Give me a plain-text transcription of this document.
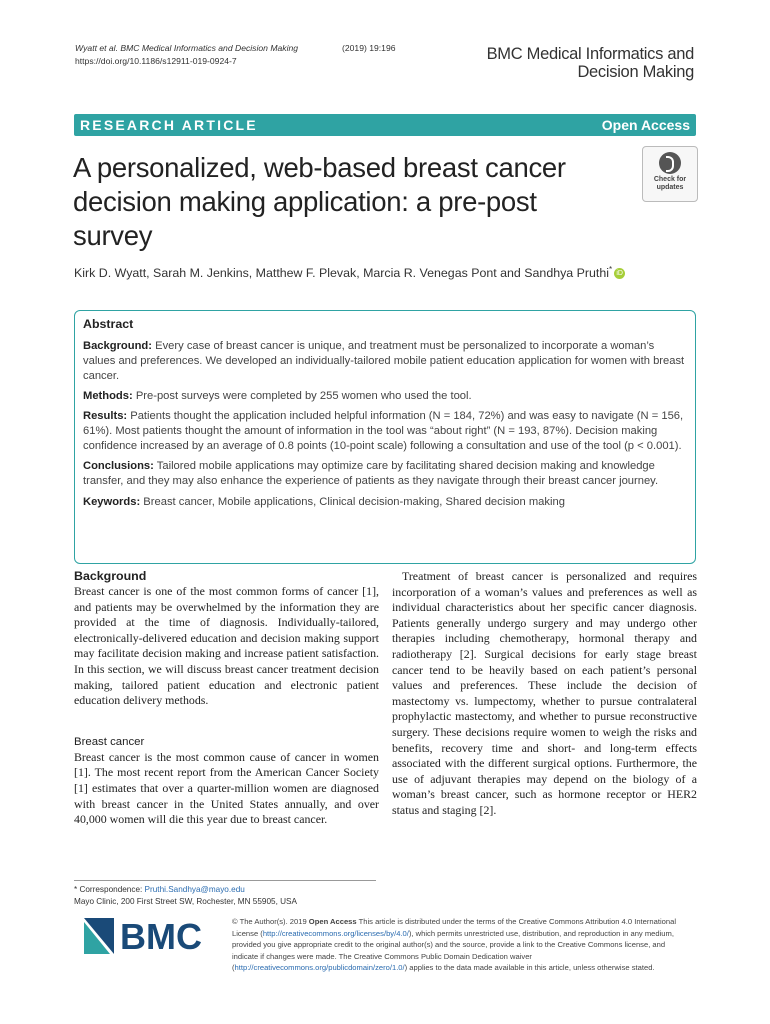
Wyatt et al. BMC Medical Informatics and Decision Making	(2019) 19:196
https://doi.org/10.1186/s12911-019-0924-7	BMC Medical Informatics and
Decision Making
RESEARCH ARTICLE	Open Access
A personalized, web-based breast cancer decision making application: a pre-post survey
Check for
updates
Kirk D. Wyatt, Sarah M. Jenkins, Matthew F. Plevak, Marcia R. Venegas Pont and Sandhya Pruthi* iD
Abstract

Background: Every case of breast cancer is unique, and treatment must be personalized to incorporate a woman’s values and preferences. We developed an individually-tailored mobile patient education application for women with breast cancer.

Methods: Pre-post surveys were completed by 255 women who used the tool.

Results: Patients thought the application included helpful information (N = 184, 72%) and was easy to navigate (N = 156, 61%). Most patients thought the amount of information in the tool was “about right” (N = 193, 87%). Decision making confidence increased by an average of 0.8 points (10-point scale) following a consultation and use of the tool (p < 0.001).

Conclusions: Tailored mobile applications may optimize care by facilitating shared decision making and knowledge transfer, and they may also enhance the experience of patients as they navigate through their breast cancer journey.

Keywords: Breast cancer, Mobile applications, Clinical decision-making, Shared decision making

Background

Breast cancer is one of the most common forms of cancer [1], and patients may be overwhelmed by the information they are provided at the time of diagnosis. Individually-tailored, electronically-delivered education and decision making support may facilitate decision making and increase patient satisfaction. In this section, we will discuss breast cancer treatment decision making, tailored patient education and electronic patient education delivery methods.

Breast cancer

Breast cancer is the most common cause of cancer in women [1]. The most recent report from the American Cancer Society [1] estimates that over a quarter-million women are diagnosed with breast cancer in the United States annually, and over 40,000 women will die this year due to breast cancer.

Treatment of breast cancer is personalized and requires incorporation of a woman’s values and preferences as well as individual characteristics about her specific cancer diagnosis. Patients generally undergo surgery and may undergo other therapies including chemotherapy, hormonal therapy and radiotherapy [2]. Surgical decisions for early stage breast cancer tend to be heavily based on each patient’s personal values and preferences. These include the decision of mastectomy vs. lumpectomy, whether to pursue contralateral prophylactic mastectomy, and whether to pursue reconstructive surgery. These decisions require women to weigh the risks and benefits, recovery time and short- and long-term effects associated with the different surgical options. Furthermore, the use of adjuvant therapies may depend on the biology of a woman’s breast cancer, such as hormone receptor or HER2 status and staging [2].

* Correspondence: Pruthi.Sandhya@mayo.edu
Mayo Clinic, 200 First Street SW, Rochester, MN 55905, USA
BMC	© The Author(s). 2019 Open Access This article is distributed under the terms of the Creative Commons Attribution 4.0 International License (http://creativecommons.org/licenses/by/4.0/), which permits unrestricted use, distribution, and reproduction in any medium, provided you give appropriate credit to the original author(s) and the source, provide a link to the Creative Commons license, and indicate if changes were made. The Creative Commons Public Domain Dedication waiver (http://creativecommons.org/publicdomain/zero/1.0/) applies to the data made available in this article, unless otherwise stated.
